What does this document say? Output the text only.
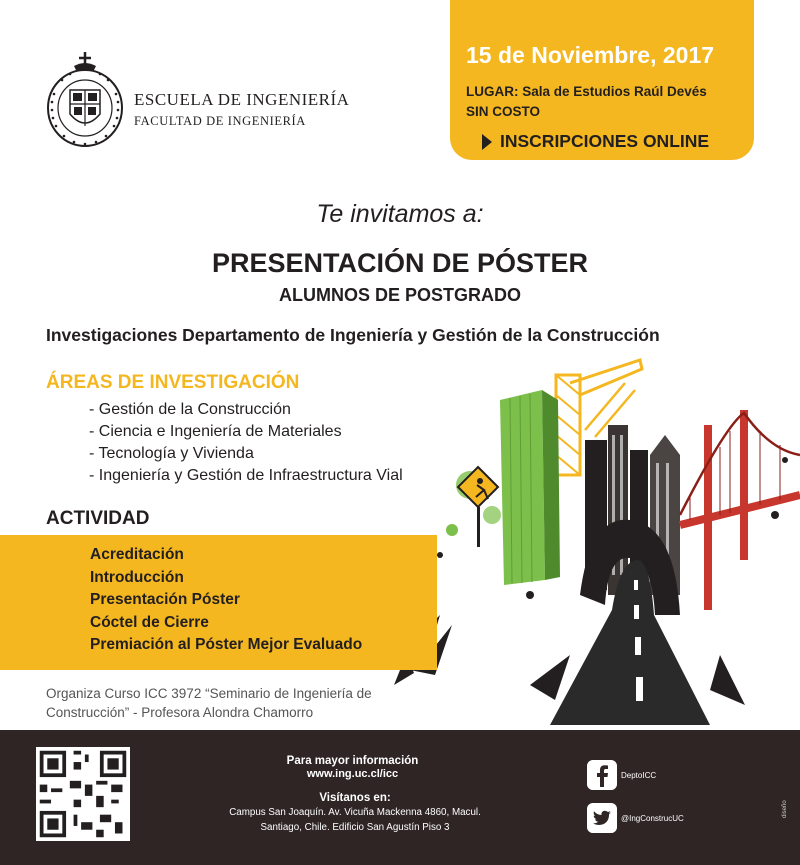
ESCUELA DE INGENIERÍA
FACULTAD DE INGENIERÍA
15 de Noviembre, 2017
LUGAR: Sala de Estudios Raúl Devés
SIN COSTO
INSCRIPCIONES ONLINE
Te invitamos a:
PRESENTACIÓN DE PÓSTER
ALUMNOS DE POSTGRADO
Investigaciones Departamento de Ingeniería y Gestión de la Construcción
ÁREAS DE INVESTIGACIÓN
- Gestión de la Construcción
- Ciencia e Ingeniería de Materiales
- Tecnología y Vivienda
- Ingeniería y Gestión de Infraestructura Vial
ACTIVIDAD
Acreditación
Introducción
Presentación Póster
Cóctel de Cierre
Premiación al Póster Mejor Evaluado
Organiza Curso ICC 3972 “Seminario de Ingeniería de Construcción” - Profesora Alondra Chamorro
Para mayor información
www.ing.uc.cl/icc
Visítanos en:
Campus San Joaquín. Av. Vicuña Mackenna 4860, Macul.
Santiago, Chile. Edificio San Agustín Piso 3
DeptoICC
@IngConstrucUC	diseño
